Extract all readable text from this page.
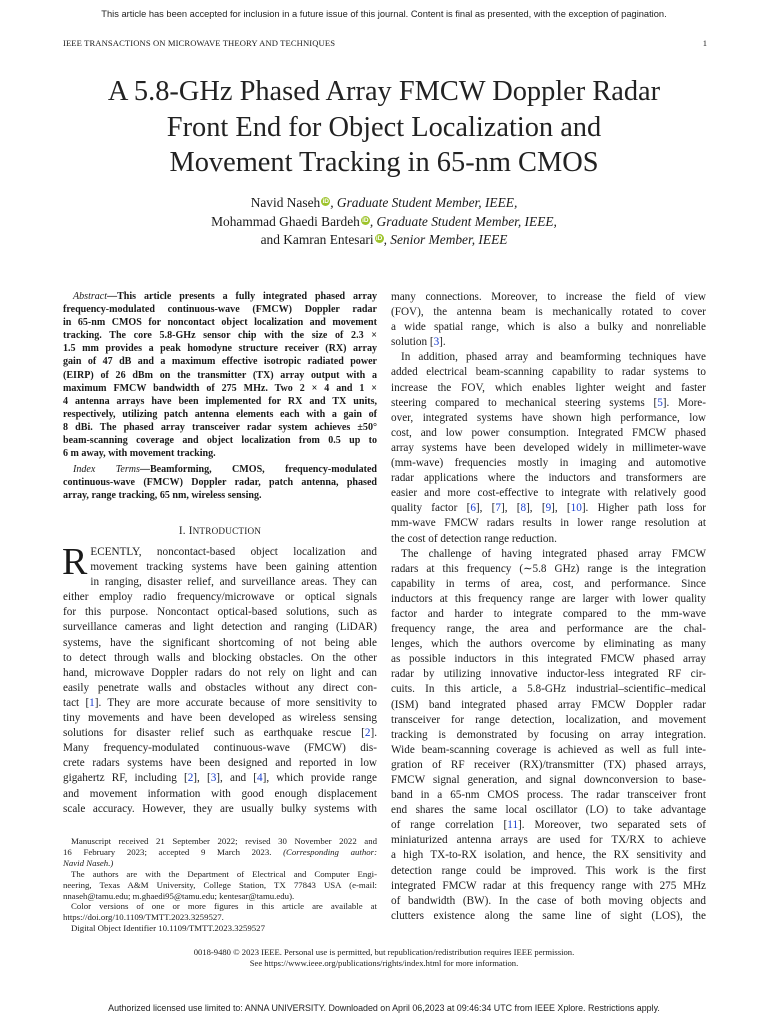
This article has been accepted for inclusion in a future issue of this journal. Content is final as presented, with the exception of pagination.
IEEE TRANSACTIONS ON MICROWAVE THEORY AND TECHNIQUES	1
A 5.8-GHz Phased Array FMCW Doppler Radar
Front End for Object Localization and
Movement Tracking in 65-nm CMOS
Navid Naseh iD, Graduate Student Member, IEEE,
Mohammad Ghaedi Bardeh iD, Graduate Student Member, IEEE,
and Kamran Entesari iD, Senior Member, IEEE
Abstract—This article presents a fully integrated phased array
frequency-modulated continuous-wave (FMCW) Doppler radar
in 65-nm CMOS for noncontact object localization and movement
tracking. The core 5.8-GHz sensor chip with the size of 2.3 ×
1.5 mm provides a peak homodyne structure receiver (RX) array
gain of 47 dB and a maximum effective isotropic radiated power
(EIRP) of 26 dBm on the transmitter (TX) array output with a
maximum FMCW bandwidth of 275 MHz. Two 2 × 4 and 1 ×
4 antenna arrays have been implemented for RX and TX units,
respectively, utilizing patch antenna elements each with a gain of
8 dBi. The phased array transceiver radar system achieves ±50°
beam-scanning coverage and object localization from 0.5 up to
6 m away, with movement tracking.
Index Terms—Beamforming, CMOS, frequency-modulated
continuous-wave (FMCW) Doppler radar, patch antenna, phased
array, range tracking, 65 nm, wireless sensing.
I. INTRODUCTION
R ECENTLY, noncontact-based object localization and
movement tracking systems have been gaining attention
in ranging, disaster relief, and surveillance areas. They can
either employ radio frequency/microwave or optical signals
for this purpose. Noncontact optical-based solutions, such as
surveillance cameras and light detection and ranging (LiDAR)
systems, have the significant shortcoming of not being able
to detect through walls and blocking obstacles. On the other
hand, microwave Doppler radars do not rely on light and can
easily penetrate walls and obstacles without any direct con-
tact [1]. They are more accurate because of more sensitivity to
tiny movements and have been developed as wireless sensing
solutions for disaster relief such as earthquake rescue [2].
Many frequency-modulated continuous-wave (FMCW) dis-
crete radars systems have been designed and reported in low
gigahertz RF, including [2], [3], and [4], which provide range
and movement information with good enough displacement
scale accuracy. However, they are usually bulky systems with
Manuscript received 21 September 2022; revised 30 November 2022 and
16 February 2023; accepted 9 March 2023. (Corresponding author:
Navid Naseh.)
The authors are with the Department of Electrical and Computer Engi-
neering, Texas A&M University, College Station, TX 77843 USA (e-mail:
nnaseh@tamu.edu; m.ghaedi95@tamu.edu; kentesar@tamu.edu).
Color versions of one or more figures in this article are available at
https://doi.org/10.1109/TMTT.2023.3259527.
Digital Object Identifier 10.1109/TMTT.2023.3259527
many connections. Moreover, to increase the field of view
(FOV), the antenna beam is mechanically rotated to cover
a wide spatial range, which is also a bulky and nonreliable
solution [3].
In addition, phased array and beamforming techniques have
added electrical beam-scanning capability to radar systems to
increase the FOV, which enables lighter weight and faster
steering compared to mechanical steering systems [5]. More-
over, integrated systems have shown high performance, low
cost, and low power consumption. Integrated FMCW phased
array systems have been developed widely in millimeter-wave
(mm-wave) frequencies mostly in imaging and automotive
radar applications where the inductors and transformers are
easier and more cost-effective to integrate with relatively good
quality factor [6], [7], [8], [9], [10]. Higher path loss for
mm-wave FMCW radars results in lower range resolution at
the cost of detection range reduction.
The challenge of having integrated phased array FMCW
radars at this frequency (∼5.8 GHz) range is the integration
capability in terms of area, cost, and performance. Since
inductors at this frequency range are larger with lower quality
factor and harder to integrate compared to the mm-wave
frequency range, the area and performance are the chal-
lenges, which the authors overcome by eliminating as many
as possible inductors in this integrated FMCW phased array
radar by utilizing innovative inductor-less integrated RF cir-
cuits. In this article, a 5.8-GHz industrial–scientific–medical
(ISM) band integrated phased array FMCW Doppler radar
transceiver for range detection, localization, and movement
tracking is demonstrated by focusing on array integration.
Wide beam-scanning coverage is achieved as well as full inte-
gration of RF receiver (RX)/transmitter (TX) phased arrays,
FMCW signal generation, and signal downconversion to base-
band in a 65-nm CMOS process. The radar transceiver front
end shares the same local oscillator (LO) to take advantage
of range correlation [11]. Moreover, two separated sets of
miniaturized antenna arrays are used for TX/RX to achieve
a high TX-to-RX isolation, and hence, the RX sensitivity and
detection range could be improved. This work is the first
integrated FMCW radar at this frequency range with 275 MHz
of bandwidth (BW). In the case of both moving objects and
clutters existence along the same line of sight (LOS), the
0018-9480 © 2023 IEEE. Personal use is permitted, but republication/redistribution requires IEEE permission.
See https://www.ieee.org/publications/rights/index.html for more information.
Authorized licensed use limited to: ANNA UNIVERSITY. Downloaded on April 06,2023 at 09:46:34 UTC from IEEE Xplore. Restrictions apply.
